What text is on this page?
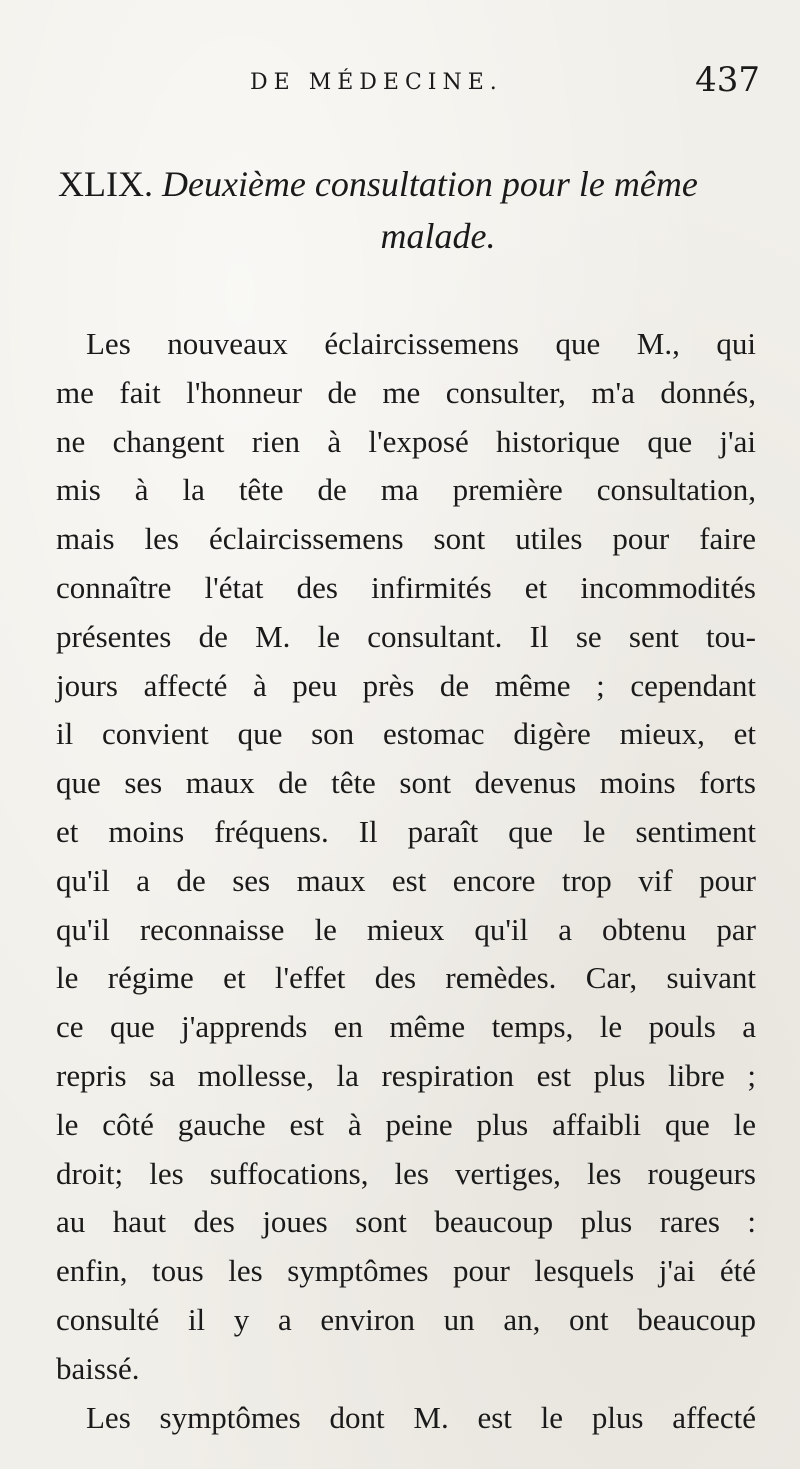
DE MÉDECINE.	437
XLIX. Deuxième consultation pour le même
malade.
Les nouveaux éclaircissemens que M., qui
me fait l'honneur de me consulter, m'a donnés,
ne changent rien à l'exposé historique que j'ai
mis à la tête de ma première consultation,
mais les éclaircissemens sont utiles pour faire
connaître l'état des infirmités et incommodités
présentes de M. le consultant. Il se sent tou-
jours affecté à peu près de même ; cependant
il convient que son estomac digère mieux, et
que ses maux de tête sont devenus moins forts
et moins fréquens. Il paraît que le sentiment
qu'il a de ses maux est encore trop vif pour
qu'il reconnaisse le mieux qu'il a obtenu par
le régime et l'effet des remèdes. Car, suivant
ce que j'apprends en même temps, le pouls a
repris sa mollesse, la respiration est plus libre ;
le côté gauche est à peine plus affaibli que le
droit; les suffocations, les vertiges, les rougeurs
au haut des joues sont beaucoup plus rares :
enfin, tous les symptômes pour lesquels j'ai été
consulté il y a environ un an, ont beaucoup
baissé.
Les symptômes dont M. est le plus affecté
